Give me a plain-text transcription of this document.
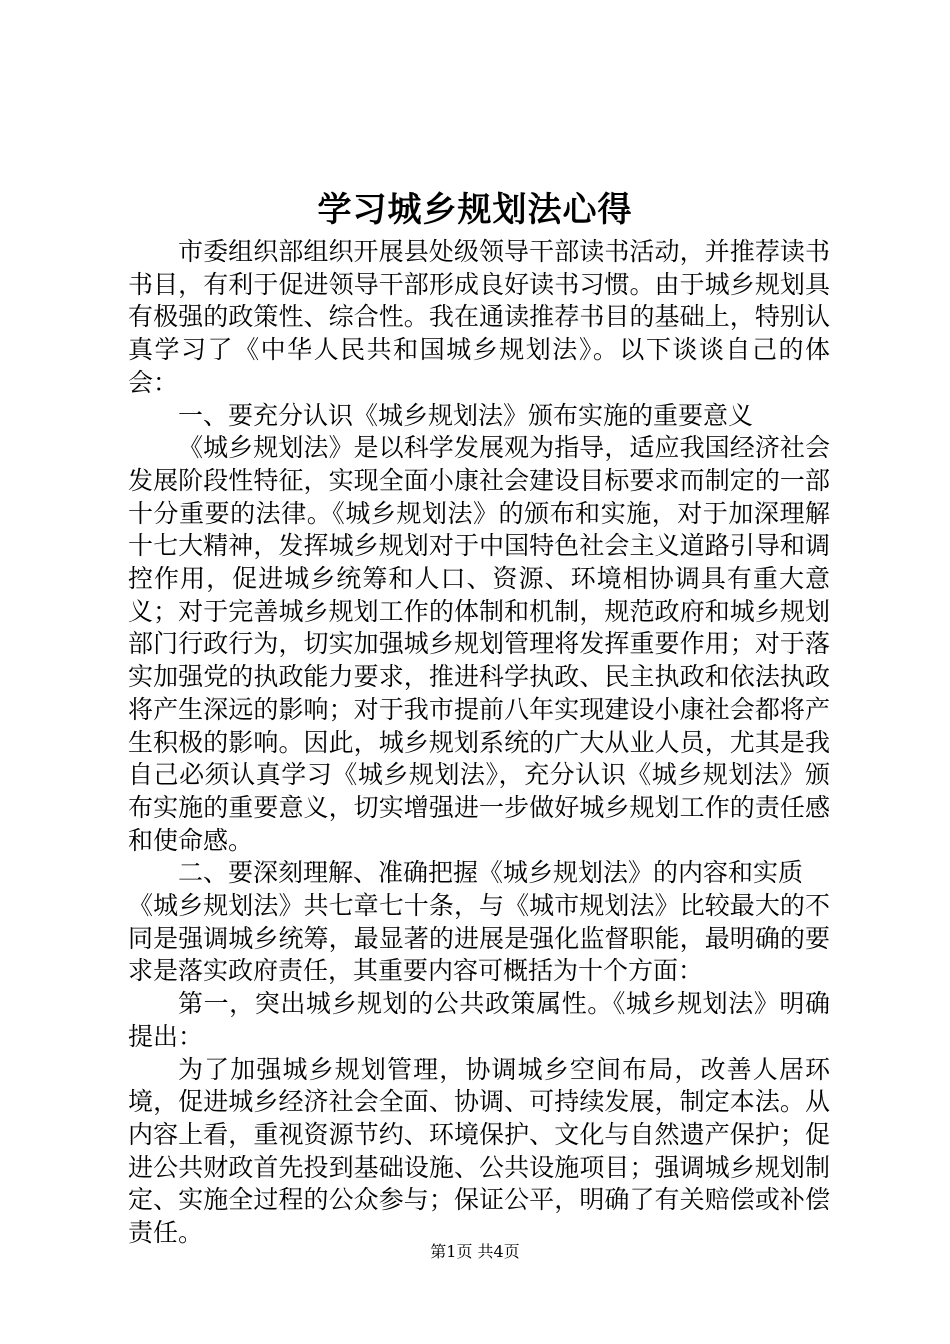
学习城乡规划法心得

市委组织部组织开展县处级领导干部读书活动，并推荐读书书目，有利于促进领导干部形成良好读书习惯。由于城乡规划具有极强的政策性、综合性。我在通读推荐书目的基础上，特别认真学习了《中华人民共和国城乡规划法》。以下谈谈自己的体会：

一、要充分认识《城乡规划法》颁布实施的重要意义

《城乡规划法》是以科学发展观为指导，适应我国经济社会发展阶段性特征，实现全面小康社会建设目标要求而制定的一部十分重要的法律。《城乡规划法》的颁布和实施，对于加深理解十七大精神，发挥城乡规划对于中国特色社会主义道路引导和调控作用，促进城乡统筹和人口、资源、环境相协调具有重大意义；对于完善城乡规划工作的体制和机制，规范政府和城乡规划部门行政行为，切实加强城乡规划管理将发挥重要作用；对于落实加强党的执政能力要求，推进科学执政、民主执政和依法执政将产生深远的影响；对于我市提前八年实现建设小康社会都将产生积极的影响。因此，城乡规划系统的广大从业人员，尤其是我自己必须认真学习《城乡规划法》，充分认识《城乡规划法》颁布实施的重要意义，切实增强进一步做好城乡规划工作的责任感和使命感。

二、要深刻理解、准确把握《城乡规划法》的内容和实质

《城乡规划法》共七章七十条，与《城市规划法》比较最大的不同是强调城乡统筹，最显著的进展是强化监督职能，最明确的要求是落实政府责任，其重要内容可概括为十个方面：

第一，突出城乡规划的公共政策属性。《城乡规划法》明确提出：

为了加强城乡规划管理，协调城乡空间布局，改善人居环境，促进城乡经济社会全面、协调、可持续发展，制定本法。从内容上看，重视资源节约、环境保护、文化与自然遗产保护；促进公共财政首先投到基础设施、公共设施项目；强调城乡规划制定、实施全过程的公众参与；保证公平，明确了有关赔偿或补偿责任。

第1页 共4页
